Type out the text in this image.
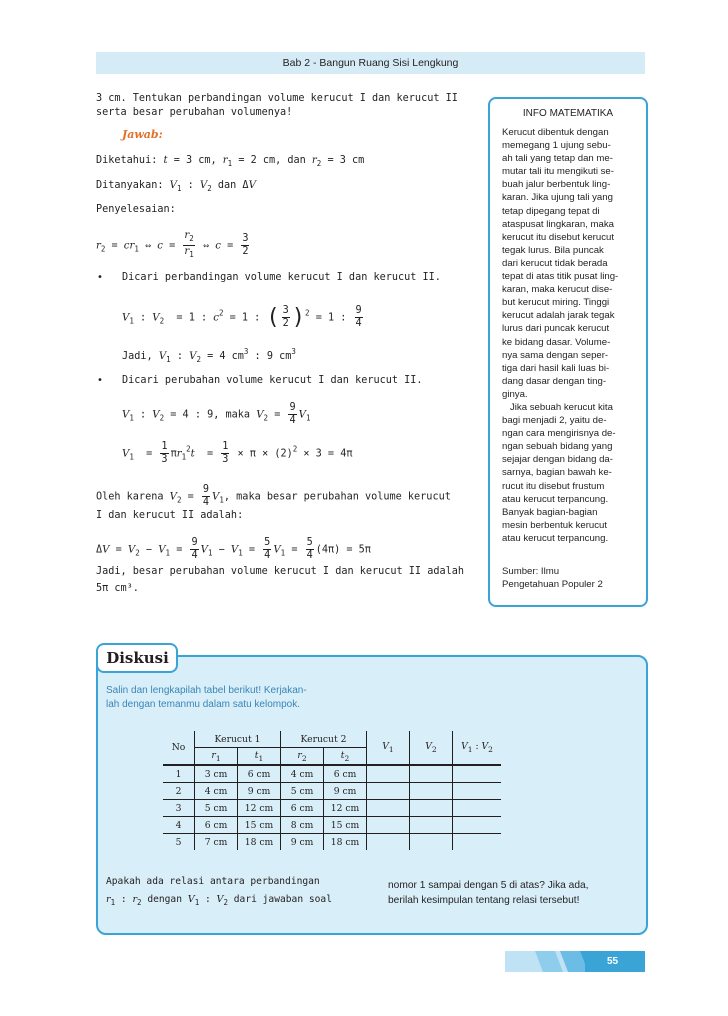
Bab 2 - Bangun Ruang Sisi Lengkung
3 cm. Tentukan perbandingan volume kerucut I dan kerucut II
serta besar perubahan volumenya!
Jawab:
Diketahui: t = 3 cm, $r_1 = 2$ cm, dan $r_2 = 3$ cm
Ditanyakan: $V_1$ : $V_2$ dan ΔV
Penyelesaian:
$r_2 = cr_1$ ⇔ $c = \frac{r_2}{r_1}$ ⇔ $c = \frac{3}{2}$
• Dicari perbandingan volume kerucut I dan kerucut II.
$V_1$ : $V_2 = 1$ : $c^2 = 1$ : ( $\frac{3}{2} )^2 = 1$ : $\frac{9}{4}$
Jadi, $V_1$ : $V_2 = 4$ $cm^3$ : 9 $cm^3$
• Dicari perubahan volume kerucut I dan kerucut II.
$V_1$ : $V_2 = 4$ : 9, maka $V_2 = \frac{9}{4} V_1$
$V_1 = \frac{1}{3} \pi r_1^2t = \frac{1}{3} \times \pi \times (2)^2 \times 3 = 4\pi$
Oleh karena $V_2 = \frac{9}{4} V_1$, maka besar perubahan volume kerucut
I dan kerucut II adalah:
$\Delta V = V_2 - V_1 = \frac{9}{4} V_1 - V_1 = \frac{5}{4} V_1 = \frac{5}{4} (4\pi) = 5\pi$
Jadi, besar perubahan volume kerucut I dan kerucut II adalah
5π cm³.
INFO MATEMATIKA

Kerucut dibentuk dengan

memegang 1 ujung sebu-

ah tali yang tetap dan me-

mutar tali itu mengikuti se-

buah jalur berbentuk ling-

karan. Jika ujung tali yang

tetap dipegang tepat di

ataspusat lingkaran, maka

kerucut itu disebut kerucut

tegak lurus. Bila puncak

dari kerucut tidak berada

tepat di atas titik pusat ling-

karan, maka kerucut dise-

but kerucut miring. Tinggi

kerucut adalah jarak tegak

lurus dari puncak kerucut

ke bidang dasar. Volume-

nya sama dengan seper-

tiga dari hasil kali luas bi-

dang dasar dengan ting-

ginya.

Jika sebuah kerucut kita

bagi menjadi 2, yaitu de-

ngan cara mengirisnya de-

ngan sebuah bidang yang

sejajar dengan bidang da-

sarnya, bagian bawah ke-

rucut itu disebut frustum

atau kerucut terpancung.

Banyak bagian-bagian

mesin berbentuk kerucut

atau kerucut terpancung.

Sumber: Ilmu
Pengetahuan Populer 2
Diskusi

Salin dan lengkapilah tabel berikut! Kerjakan-

lah dengan temanmu dalam satu kelompok.

No	Kerucut 1		Kerucut 2		$V_1$	$V_2$	$V_1$ : $V_2$
	$r_1$	$t_1$	$r_2$	$t_2$
1	3 cm	6 cm	4 cm	6 cm			
2	4 cm	9 cm	5 cm	9 cm			
3	5 cm	12 cm	6 cm	12 cm			
4	6 cm	15 cm	8 cm	15 cm			
5	7 cm	18 cm	9 cm	18 cm			
Apakah ada relasi antara perbandingan
$r_1$ : $r_2$ dengan $V_1$ : $V_2$ dari jawaban soal
nomor 1 sampai dengan 5 di atas? Jika ada,
berilah kesimpulan tentang relasi tersebut!
55
